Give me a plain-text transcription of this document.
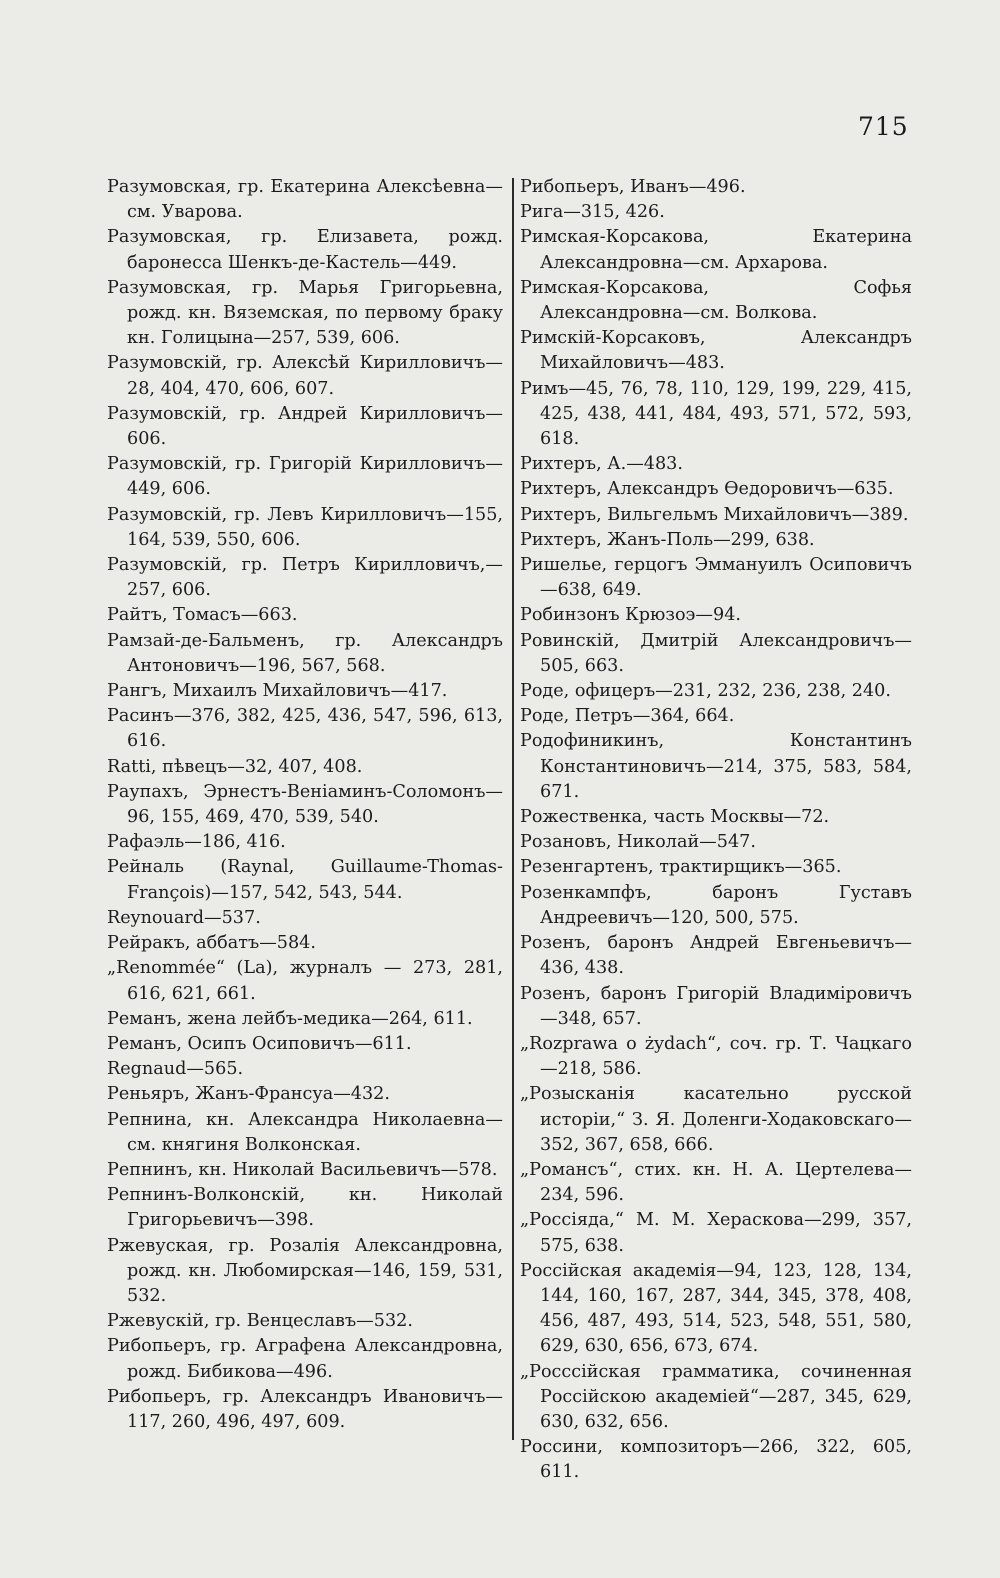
715
Разумовская, гр. Екатерина Алексѣевна—см. Уварова.
Разумовская, гр. Елизавета, рожд. баронесса Шенкъ-де-Кастель—449.
Разумовская, гр. Марья Григорьевна, рожд. кн. Вяземская, по первому браку кн. Голицына—257, 539, 606.
Разумовскій, гр. Алексѣй Кирилловичъ—28, 404, 470, 606, 607.
Разумовскій, гр. Андрей Кирилловичъ—606.
Разумовскій, гр. Григорій Кирилловичъ—449, 606.
Разумовскій, гр. Левъ Кирилловичъ—155, 164, 539, 550, 606.
Разумовскій, гр. Петръ Кирилловичъ,—257, 606.
Райтъ, Томасъ—663.
Рамзай-де-Бальменъ, гр. Александръ Антоновичъ—196, 567, 568.
Рангъ, Михаилъ Михайловичъ—417.
Расинъ—376, 382, 425, 436, 547, 596, 613, 616.
Ratti, пѣвецъ—32, 407, 408.
Раупахъ, Эрнестъ-Веніаминъ-Соломонъ—96, 155, 469, 470, 539, 540.
Рафаэль—186, 416.
Рейналь (Raynal, Guillaume-Thomas-François)—157, 542, 543, 544.
Reynouard—537.
Рейракъ, аббатъ—584.
„Renommée“ (La), журналъ — 273, 281, 616, 621, 661.
Реманъ, жена лейбъ-медика—264, 611.
Реманъ, Осипъ Осиповичъ—611.
Regnaud—565.
Реньяръ, Жанъ-Франсуа—432.
Репнина, кн. Александра Николаевна—см. княгиня Волконская.
Репнинъ, кн. Николай Васильевичъ—578.
Репнинъ-Волконскій, кн. Николай Григорьевичъ—398.
Ржевуская, гр. Розалія Александровна, рожд. кн. Любомирская—146, 159, 531, 532.
Ржевускій, гр. Венцеславъ—532.
Рибопьеръ, гр. Аграфена Александровна, рожд. Бибикова—496.
Рибопьеръ, гр. Александръ Ивановичъ—117, 260, 496, 497, 609.
Рибопьеръ, Иванъ—496.
Рига—315, 426.
Римская-Корсакова, Екатерина Александровна—см. Архарова.
Римская-Корсакова, Софья Александровна—см. Волкова.
Римскій-Корсаковъ, Александръ Михайловичъ—483.
Римъ—45, 76, 78, 110, 129, 199, 229, 415, 425, 438, 441, 484, 493, 571, 572, 593, 618.
Рихтеръ, А.—483.
Рихтеръ, Александръ Ѳедоровичъ—635.
Рихтеръ, Вильгельмъ Михайловичъ—389.
Рихтеръ, Жанъ-Поль—299, 638.
Ришелье, герцогъ Эммануилъ Осиповичъ—638, 649.
Робинзонъ Крюзоэ—94.
Ровинскій, Дмитрій Александровичъ—505, 663.
Роде, офицеръ—231, 232, 236, 238, 240.
Роде, Петръ—364, 664.
Родофиникинъ, Константинъ Константиновичъ—214, 375, 583, 584, 671.
Рожественка, часть Москвы—72.
Розановъ, Николай—547.
Резенгартенъ, трактирщикъ—365.
Розенкампфъ, баронъ Густавъ Андреевичъ—120, 500, 575.
Розенъ, баронъ Андрей Евгеньевичъ—436, 438.
Розенъ, баронъ Григорій Владиміровичъ—348, 657.
„Rozprawa o żydach“, соч. гр. Т. Чацкаго—218, 586.
„Розысканія касательно русской исторіи,“ З. Я. Доленги-Ходаковскаго—352, 367, 658, 666.
„Романсъ“, стих. кн. Н. А. Цертелева—234, 596.
„Россіяда,“ М. М. Хераскова—299, 357, 575, 638.
Россійская академія—94, 123, 128, 134, 144, 160, 167, 287, 344, 345, 378, 408, 456, 487, 493, 514, 523, 548, 551, 580, 629, 630, 656, 673, 674.
„Росссійская грамматика, сочиненная Россійскою академіей“—287, 345, 629, 630, 632, 656.
Россини, композиторъ—266, 322, 605, 611.
